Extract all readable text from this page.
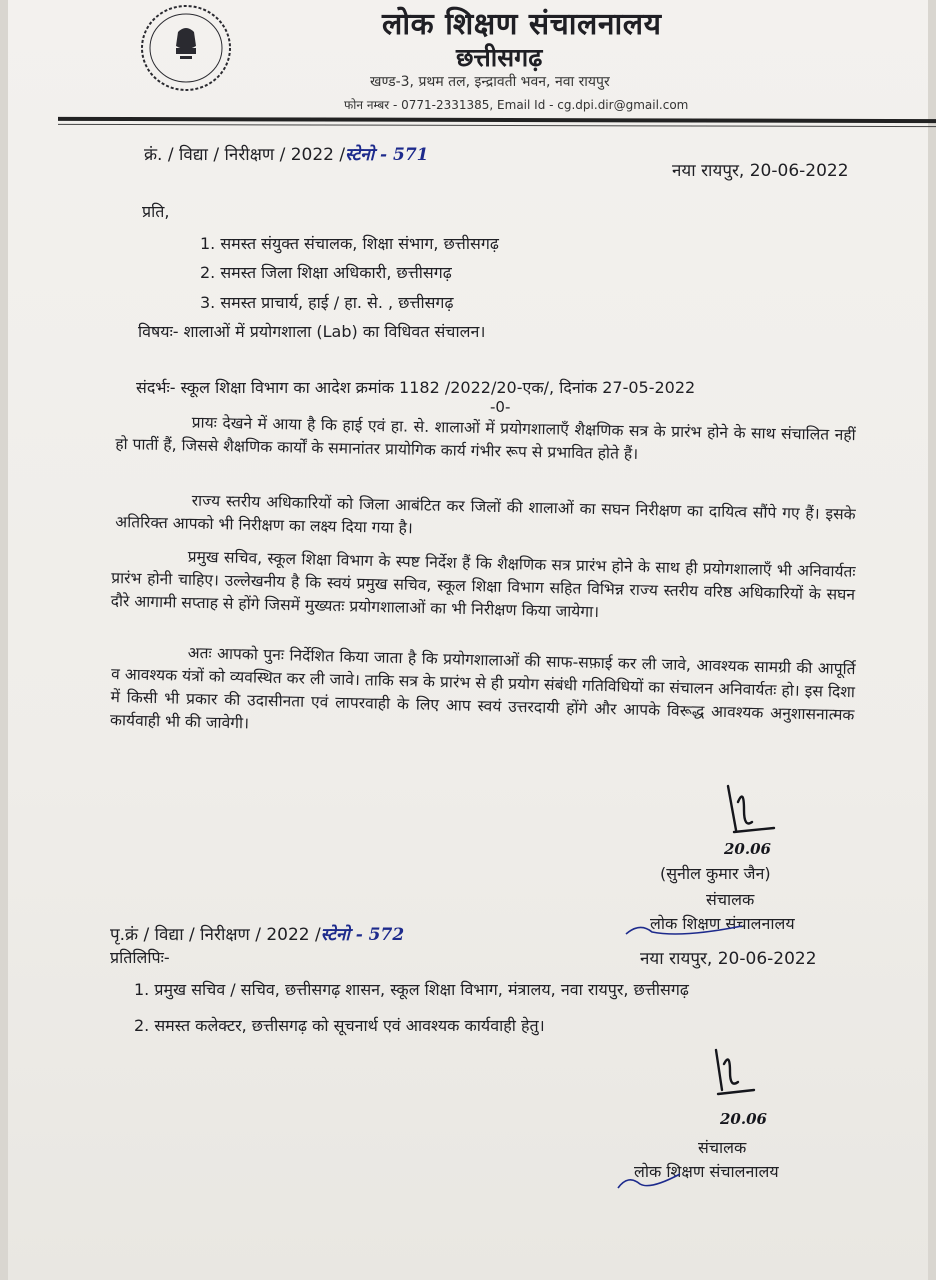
लोक शिक्षण संचालनालय
छत्तीसगढ़
खण्ड-3, प्रथम तल, इन्द्रावती भवन, नवा रायपुर
फोन नम्बर - 0771-2331385, Email Id - cg.dpi.dir@gmail.com
क्रं. / विद्या / निरीक्षण / 2022 /स्टेनो - 571
नया रायपुर, 20-06-2022
प्रति,
1. समस्त संयुक्त संचालक, शिक्षा संभाग, छत्तीसगढ़
2. समस्त जिला शिक्षा अधिकारी, छत्तीसगढ़
3. समस्त प्राचार्य, हाई / हा. से. , छत्तीसगढ़
विषयः- शालाओं में प्रयोगशाला (Lab) का विधिवत संचालन।
संदर्भः- स्कूल शिक्षा विभाग का आदेश क्रमांक 1182 /2022/20-एक/, दिनांक 27-05-2022
-0-
प्रायः देखने में आया है कि हाई एवं हा. से. शालाओं में प्रयोगशालाएँ शैक्षणिक सत्र के प्रारंभ होने के साथ संचालित नहीं हो पातीं हैं, जिससे शैक्षणिक कार्यों के समानांतर प्रायोगिक कार्य गंभीर रूप से प्रभावित होते हैं।
राज्य स्तरीय अधिकारियों को जिला आबंटित कर जिलों की शालाओं का सघन निरीक्षण का दायित्व सौंपे गए हैं। इसके अतिरिक्त आपको भी निरीक्षण का लक्ष्य दिया गया है।
प्रमुख सचिव, स्कूल शिक्षा विभाग के स्पष्ट निर्देश हैं कि शैक्षणिक सत्र प्रारंभ होने के साथ ही प्रयोगशालाएँ भी अनिवार्यतः प्रारंभ होनी चाहिए। उल्लेखनीय है कि स्वयं प्रमुख सचिव, स्कूल शिक्षा विभाग सहित विभिन्न राज्य स्तरीय वरिष्ठ अधिकारियों के सघन दौरे आगामी सप्ताह से होंगे जिसमें मुख्यतः प्रयोगशालाओं का भी निरीक्षण किया जायेगा।
अतः आपको पुनः निर्देशित किया जाता है कि प्रयोगशालाओं की साफ-सफ़ाई कर ली जावे, आवश्यक सामग्री की आपूर्ति व आवश्यक यंत्रों को व्यवस्थित कर ली जावे। ताकि सत्र के प्रारंभ से ही प्रयोग संबंधी गतिविधियों का संचालन अनिवार्यतः हो। इस दिशा में किसी भी प्रकार की उदासीनता एवं लापरवाही के लिए आप स्वयं उत्तरदायी होंगे और आपके विरूद्ध आवश्यक अनुशासनात्मक कार्यवाही भी की जावेगी।
20.06
(सुनील कुमार जैन)
संचालक
लोक शिक्षण संचालनालय
नया रायपुर, 20-06-2022
पृ.क्रं / विद्या / निरीक्षण / 2022 /स्टेनो - 572
प्रतिलिपिः-
1. प्रमुख सचिव / सचिव, छत्तीसगढ़ शासन, स्कूल शिक्षा विभाग, मंत्रालय, नवा रायपुर, छत्तीसगढ़
2. समस्त कलेक्टर, छत्तीसगढ़ को सूचनार्थ एवं आवश्यक कार्यवाही हेतु।
20.06
संचालक
लोक शिक्षण संचालनालय
